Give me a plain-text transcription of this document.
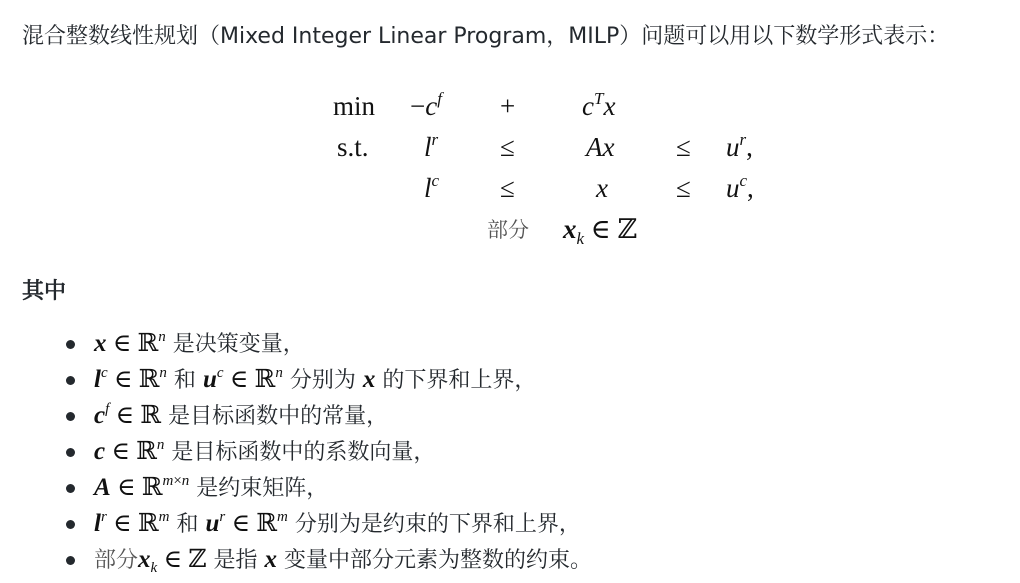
混合整数线性规划（Mixed Integer Linear Program，MILP）问题可以用以下数学形式表示：
$\min -c^f + c^Tx$
s.t. $l^r$ ≤	$Ax \le u^r$,
$l^c$ ≤	x	≤ $u^c$,
部分 $x_k$ ∈ ℤ
其中
x ∈ ℝ$^n$ 是决策变量，
$l^c$ ∈ ℝ$^n$ 和 $u^c$ ∈ ℝ$^n$ 分别为 x 的下界和上界，
$c^f$ ∈ ℝ 是目标函数中的常量，
c ∈ ℝ$^n$ 是目标函数中的系数向量，
A ∈ ℝ$^{m\times n}$ 是约束矩阵，
$l^r$ ∈ ℝ$^m$ 和 $u^r$ ∈ ℝ$^m$ 分别为是约束的下界和上界，
部分$x_k$ ∈ ℤ 是指 x 变量中部分元素为整数的约束。
